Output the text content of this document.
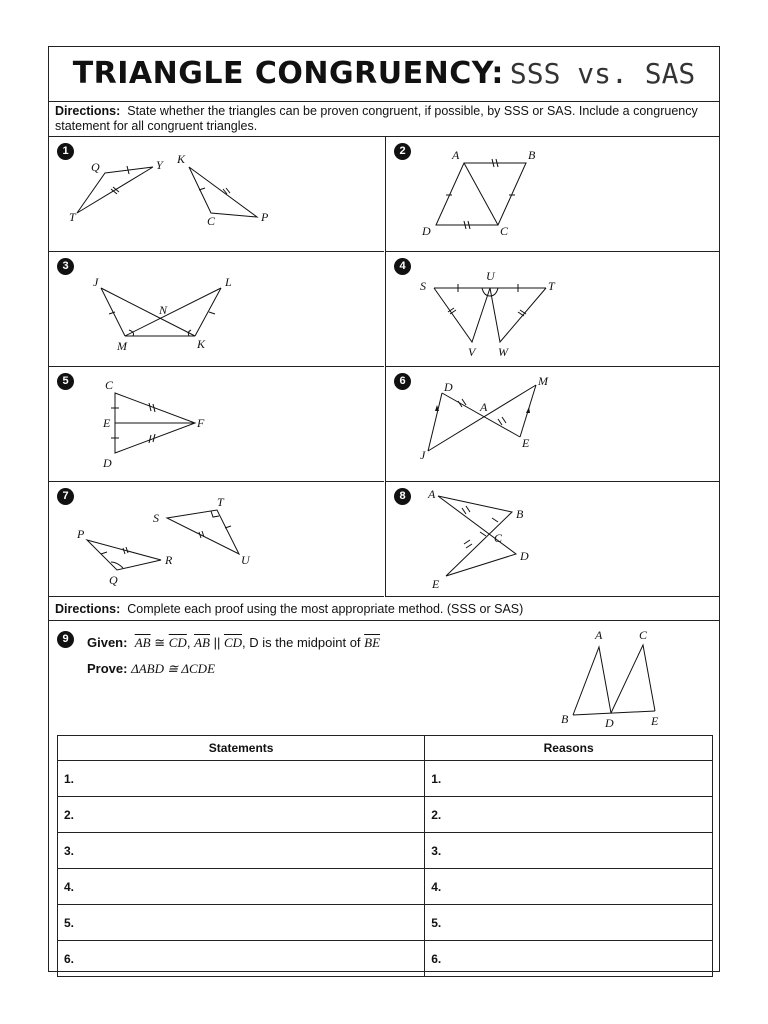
TRIANGLE CONGRUENCY: SSS vs. SAS
Directions: State whether the triangles can be proven congruent, if possible, by SSS or SAS. Include a congruency statement for all congruent triangles.
1
Q	Y
T
K
C	P
2	A	B
D	C
3
J	L
N
M	K
4
S
U
T
V W
5	C
E	F
D
6	D	M
A
J
E
7	T
S
P
R	U
Q
8	A
B
C
D
E
Directions: Complete each proof using the most appropriate method. (SSS or SAS)
9	Given: $\overline{AB}$ ≅ $\overline{CD}$, $\overline{AB}$ || $\overline{CD}$, D is the midpoint of $\overline{BE}$
Prove: ΔABD ≅ ΔCDE
A	C
B	D	E
Statements	Reasons
1.	1.
2.	2.
3.	3.
4.	4.
5.	5.
6.	6.
